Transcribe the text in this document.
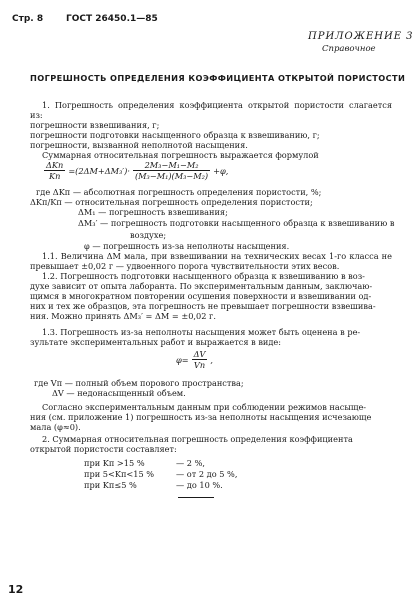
Стр. 8	ГОСТ 26450.1—85
ПРИЛОЖЕНИЕ 3
Справочное
ПОГРЕШНОСТЬ ОПРЕДЕЛЕНИЯ КОЭФФИЦИЕНТА ОТКРЫТОЙ ПОРИСТОСТИ
1. Погрешность определения коэффициента открытой пористости слагается из:
погрешности взвешивания, г;
погрешности подготовки насыщенного образца к взвешиванию, г;
погрешности, вызванной неполнотой насыщения.
Суммарная относительная погрешность выражается формулой
$\frac{\text{ΔKп}}{Kп} =(2\Delta M+\Delta M_3')\cdot \frac{\text{2M₃−M₁−M₂}}{\text{(M₃−M₁)(M₃−M₂)}} +\varphi$,
где ΔKп — абсолютная погрешность определения пористости, %;
ΔKп/Kп — относительная погрешность определения пористости;
ΔM₁ — погрешность взвешивания;
ΔM₃′ — погрешность подготовки насыщенного образца к взвешиванию в
воздухе;
φ — погрешность из-за неполноты насыщения.
1.1. Величина ΔM мала, при взвешивании на технических весах 1-го класса не превышает ±0,02 г — удвоенного порога чувствительности этих весов.
1.2. Погрешность подготовки насыщенного образца к взвешиванию в воз-
духе зависит от опыта лаборанта. По экспериментальным данным, заключаю-
щимся в многократном повторении осушения поверхности и взвешивании од-
них и тех же образцов, эта погрешность не превышает погрешности взвешива-
ния. Можно принять ΔM₃′ = ΔM = ±0,02 г.
1.3. Погрешность из-за неполноты насыщения может быть оценена в ре-
зультате экспериментальных работ и выражается в виде:
$\varphi= \frac{\Delta V}{Vп}$ ,
где Vп — полный объем порового пространства;
ΔV — недонасыщенный объем.
Согласно экспериментальным данным при соблюдении режимов насыще-
ния (см. приложение 1) погрешность из-за неполноты насыщения исчезающе
мала (φ≈0).
2. Суммарная относительная погрешность определения коэффициента
открытой пористости составляет:
при Kп >15 %	— 2 %,
при 5<Kп<15 %	— от 2 до 5 %,
при Kп≤5 %	— до 10 %.
12
